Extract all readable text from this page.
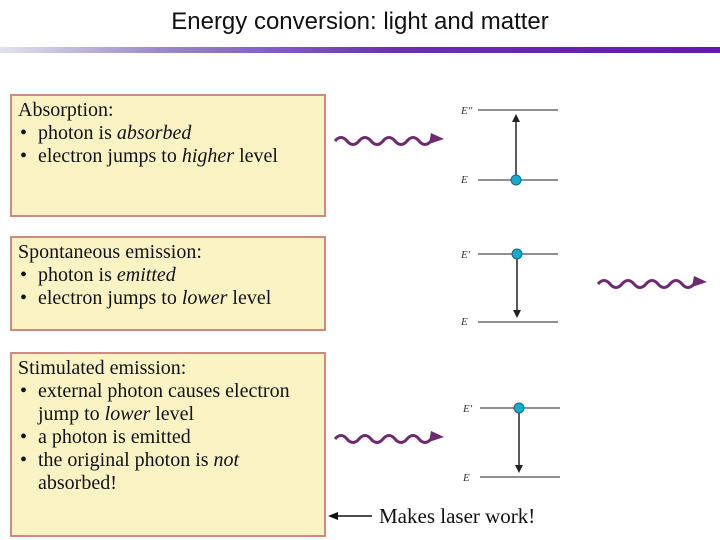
Energy conversion: light and matter
Absorption:
• photon is absorbed
• electron jumps to higher level
Spontaneous emission:
• photon is emitted
• electron jumps to lower level
Stimulated emission:
• external photon causes electron jump to lower level
• a photon is emitted
• the original photon is not absorbed!
E″
E
E′
E
E′
E
Makes laser work!
